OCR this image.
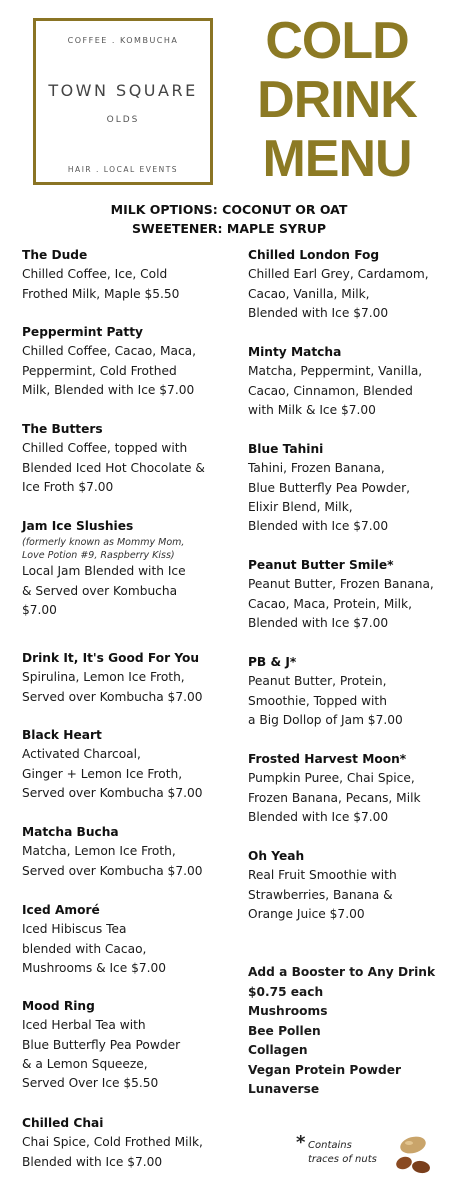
COFFEE . KOMBUCHA
TOWN SQUARE
OLDS
HAIR . LOCAL EVENTS
COLD
DRINK
MENU
MILK OPTIONS: COCONUT OR OAT
SWEETENER: MAPLE SYRUP
The Dude
Chilled Coffee, Ice, Cold
Frothed Milk, Maple $5.50
Peppermint Patty
Chilled Coffee, Cacao, Maca,
Peppermint, Cold Frothed
Milk, Blended with Ice $7.00
The Butters
Chilled Coffee, topped with
Blended Iced Hot Chocolate &
Ice Froth $7.00
Jam Ice Slushies
(formerly known as Mommy Mom,
Love Potion #9, Raspberry Kiss)
Local Jam Blended with Ice
& Served over Kombucha
$7.00
Drink It, It's Good For You
Spirulina, Lemon Ice Froth,
Served over Kombucha $7.00
Black Heart
Activated Charcoal,
Ginger + Lemon Ice Froth,
Served over Kombucha $7.00
Matcha Bucha
Matcha, Lemon Ice Froth,
Served over Kombucha $7.00
Iced Amoré
Iced Hibiscus Tea
blended with Cacao,
Mushrooms & Ice $7.00
Mood Ring
Iced Herbal Tea with
Blue Butterfly Pea Powder
& a Lemon Squeeze,
Served Over Ice $5.50
Chilled Chai
Chai Spice, Cold Frothed Milk,
Blended with Ice $7.00
Chilled London Fog
Chilled Earl Grey, Cardamom,
Cacao, Vanilla, Milk,
Blended with Ice $7.00
Minty Matcha
Matcha, Peppermint, Vanilla,
Cacao, Cinnamon, Blended
with Milk & Ice $7.00
Blue Tahini
Tahini, Frozen Banana,
Blue Butterfly Pea Powder,
Elixir Blend, Milk,
Blended with Ice $7.00
Peanut Butter Smile*
Peanut Butter, Frozen Banana,
Cacao, Maca, Protein, Milk,
Blended with Ice $7.00
PB & J*
Peanut Butter, Protein,
Smoothie, Topped with
a Big Dollop of Jam $7.00
Frosted Harvest Moon*
Pumpkin Puree, Chai Spice,
Frozen Banana, Pecans, Milk
Blended with Ice $7.00
Oh Yeah
Real Fruit Smoothie with
Strawberries, Banana &
Orange Juice $7.00
Add a Booster to Any Drink
$0.75 each
Mushrooms
Bee Pollen
Collagen
Vegan Protein Powder
Lunaverse
* Contains traces of nuts
